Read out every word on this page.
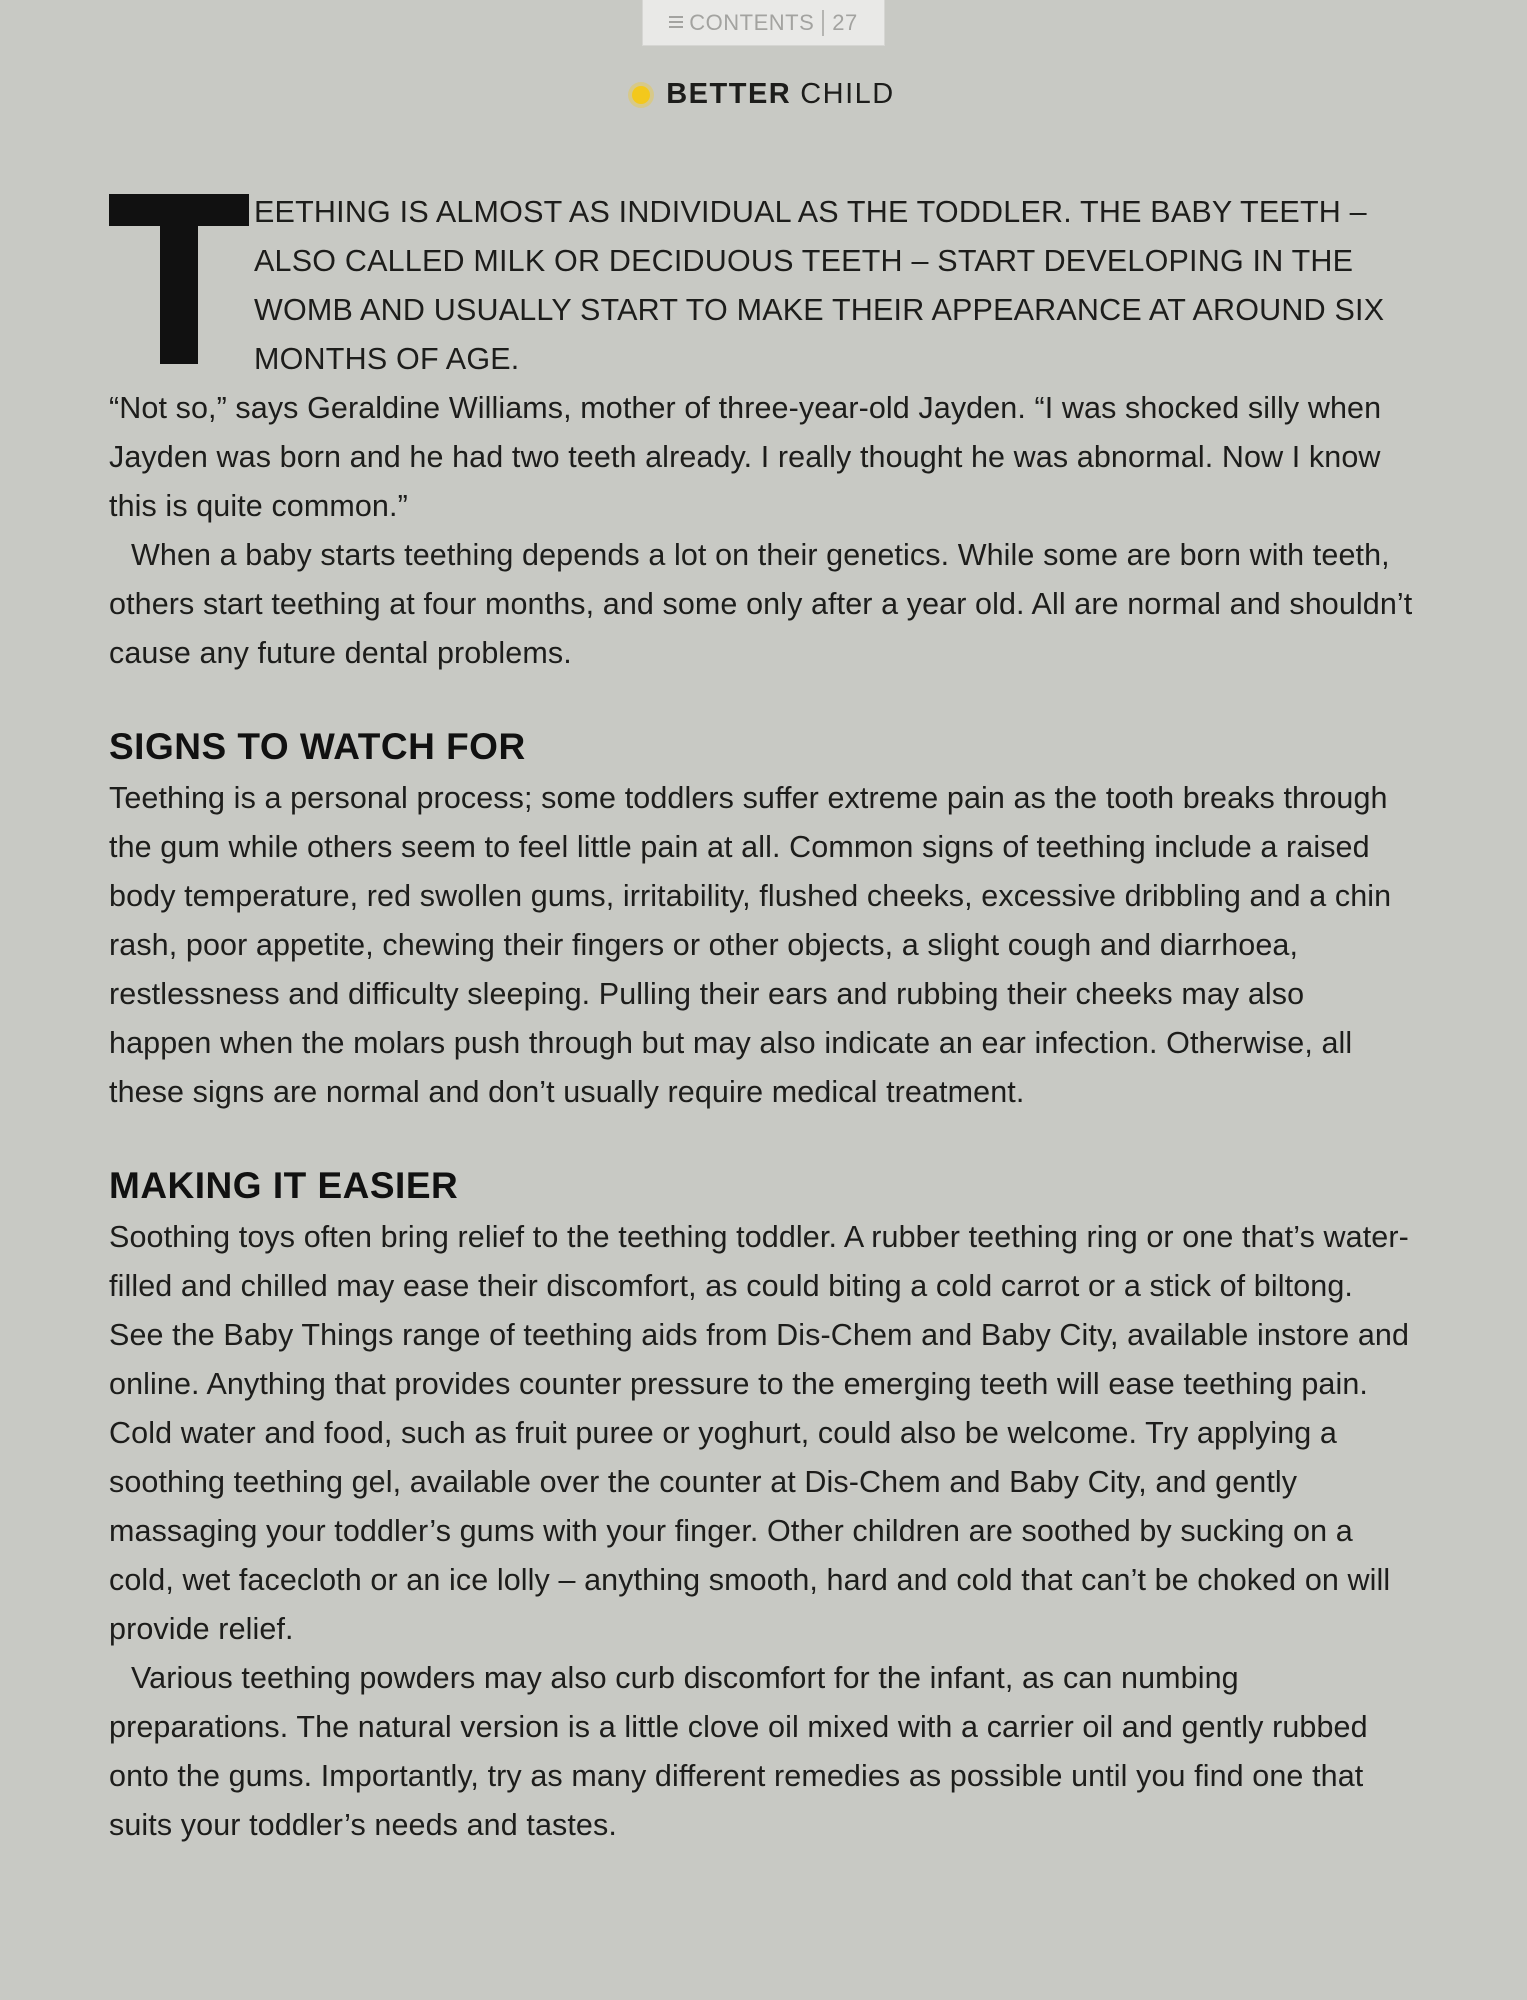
CONTENTS 27
BETTER CHILD
EETHING IS ALMOST AS INDIVIDUAL AS THE TODDLER. THE BABY TEETH – ALSO CALLED MILK OR DECIDUOUS TEETH – START DEVELOPING IN THE WOMB AND USUALLY START TO MAKE THEIR APPEARANCE AT AROUND SIX MONTHS OF AGE.

“Not so,” says Geraldine Williams, mother of three-year-old Jayden. “I was shocked silly when Jayden was born and he had two teeth already. I really thought he was abnormal. Now I know this is quite common.”

When a baby starts teething depends a lot on their genetics. While some are born with teeth, others start teething at four months, and some only after a year old. All are normal and shouldn’t cause any future dental problems.

SIGNS TO WATCH FOR

Teething is a personal process; some toddlers suffer extreme pain as the tooth breaks through the gum while others seem to feel little pain at all. Common signs of teething include a raised body temperature, red swollen gums, irritability, flushed cheeks, excessive dribbling and a chin rash, poor appetite, chewing their fingers or other objects, a slight cough and diarrhoea, restlessness and difficulty sleeping. Pulling their ears and rubbing their cheeks may also happen when the molars push through but may also indicate an ear infection. Otherwise, all these signs are normal and don’t usually require medical treatment.

MAKING IT EASIER

Soothing toys often bring relief to the teething toddler. A rubber teething ring or one that’s water-filled and chilled may ease their discomfort, as could biting a cold carrot or a stick of biltong. See the Baby Things range of teething aids from Dis-Chem and Baby City, available instore and online. Anything that provides counter pressure to the emerging teeth will ease teething pain. Cold water and food, such as fruit puree or yoghurt, could also be welcome. Try applying a soothing teething gel, available over the counter at Dis-Chem and Baby City, and gently massaging your toddler’s gums with your finger. Other children are soothed by sucking on a cold, wet facecloth or an ice lolly – anything smooth, hard and cold that can’t be choked on will provide relief.

Various teething powders may also curb discomfort for the infant, as can numbing preparations. The natural version is a little clove oil mixed with a carrier oil and gently rubbed onto the gums. Importantly, try as many different remedies as possible until you find one that suits your toddler’s needs and tastes.
